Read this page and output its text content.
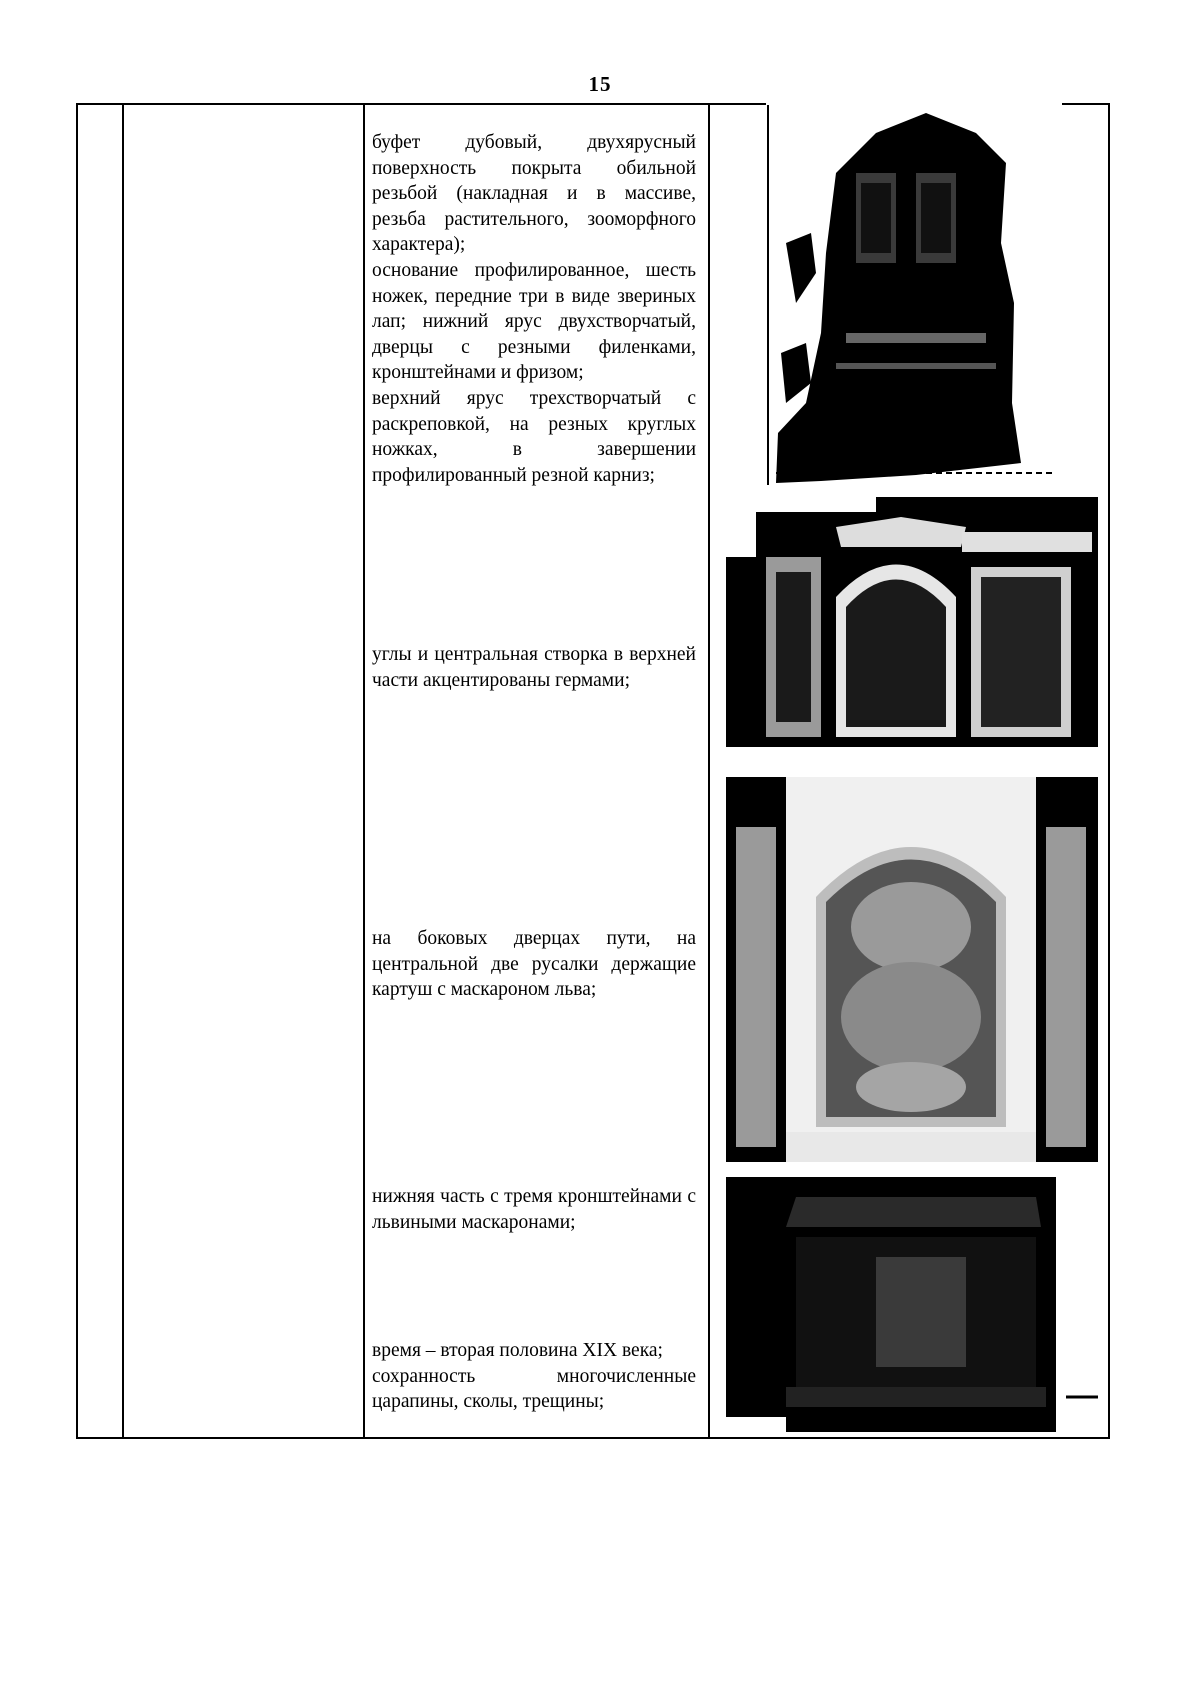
15

буфет дубовый, двухярусный поверхность покрыта обильной резьбой (накладная и в массиве, резьба растительного, зооморфного характера);

основание профилированное, шесть ножек, передние три в виде звериных лап; нижний ярус двухстворчатый, дверцы с резными филенками, кронштейнами и фризом;

верхний ярус трехстворчатый с раскреповкой, на резных круглых ножках, в завершении профилированный резной карниз;

углы и центральная створка в верхней части акцентированы гермами;

на боковых дверцах пути, на центральной две русалки держащие картуш с маскароном льва;

нижняя часть с тремя кронштейнами с львиными маскаронами;

время – вторая половина XIX века;

сохранность многочисленные царапины, сколы, трещины;
